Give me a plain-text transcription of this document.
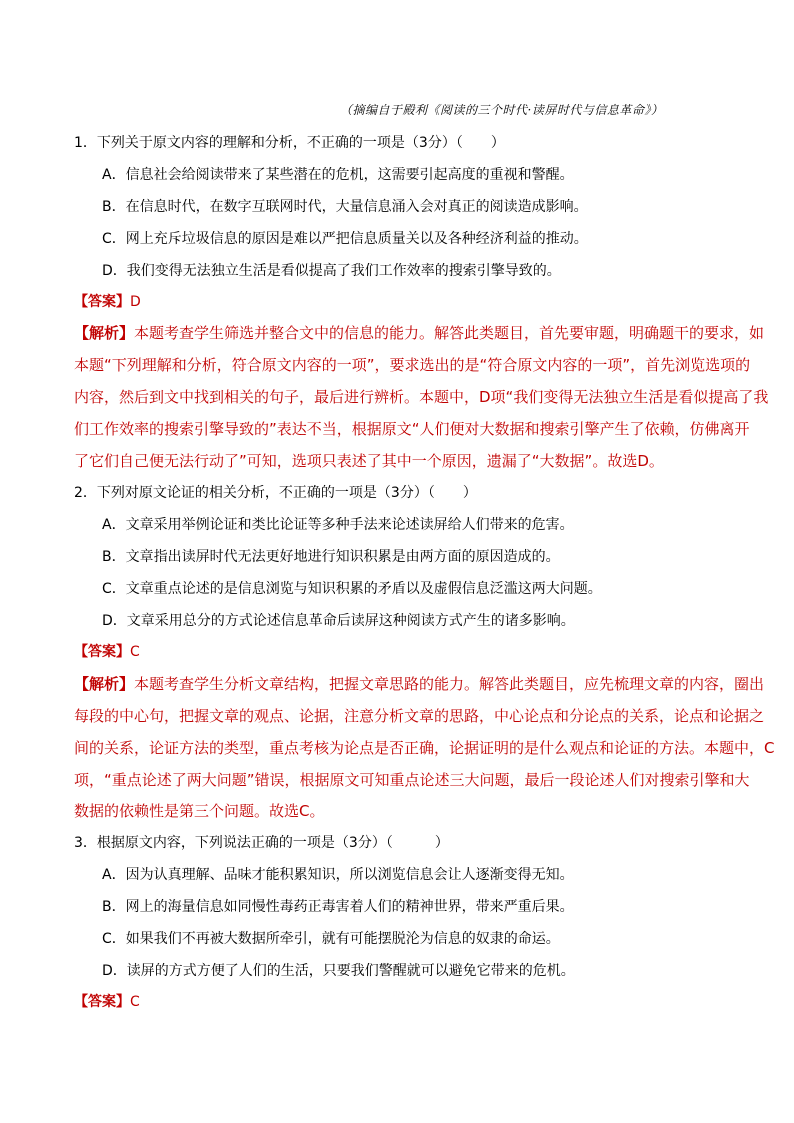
（摘编自于殿利《阅读的三个时代·读屏时代与信息革命》）
1．下列关于原文内容的理解和分析，不正确的一项是（3分）（　　）
A．信息社会给阅读带来了某些潜在的危机，这需要引起高度的重视和警醒。
B．在信息时代，在数字互联网时代，大量信息涌入会对真正的阅读造成影响。
C．网上充斥垃圾信息的原因是难以严把信息质量关以及各种经济利益的推动。
D．我们变得无法独立生活是看似提高了我们工作效率的搜索引擎导致的。
【答案】D
【解析】本题考查学生筛选并整合文中的信息的能力。解答此类题目，首先要审题，明确题干的要求，如
本题“下列理解和分析，符合原文内容的一项”，要求选出的是“符合原文内容的一项”，首先浏览选项的
内容，然后到文中找到相关的句子，最后进行辨析。本题中，D项“我们变得无法独立生活是看似提高了我
们工作效率的搜索引擎导致的”表达不当，根据原文“人们便对大数据和搜索引擎产生了依赖，仿佛离开
了它们自己便无法行动了”可知，选项只表述了其中一个原因，遗漏了“大数据”。故选D。
2．下列对原文论证的相关分析，不正确的一项是（3分）（　　）
A．文章采用举例论证和类比论证等多种手法来论述读屏给人们带来的危害。
B．文章指出读屏时代无法更好地进行知识积累是由两方面的原因造成的。
C．文章重点论述的是信息浏览与知识积累的矛盾以及虚假信息泛滥这两大问题。
D．文章采用总分的方式论述信息革命后读屏这种阅读方式产生的诸多影响。
【答案】C
【解析】本题考查学生分析文章结构，把握文章思路的能力。解答此类题目，应先梳理文章的内容，圈出
每段的中心句，把握文章的观点、论据，注意分析文章的思路，中心论点和分论点的关系，论点和论据之
间的关系，论证方法的类型，重点考核为论点是否正确，论据证明的是什么观点和论证的方法。本题中，C
项，“重点论述了两大问题”错误，根据原文可知重点论述三大问题，最后一段论述人们对搜索引擎和大
数据的依赖性是第三个问题。故选C。
3．根据原文内容，下列说法正确的一项是（3分）（　　　）
A．因为认真理解、品味才能积累知识，所以浏览信息会让人逐渐变得无知。
B．网上的海量信息如同慢性毒药正毒害着人们的精神世界，带来严重后果。
C．如果我们不再被大数据所牵引，就有可能摆脱沦为信息的奴隶的命运。
D．读屏的方式方便了人们的生活，只要我们警醒就可以避免它带来的危机。
【答案】C
